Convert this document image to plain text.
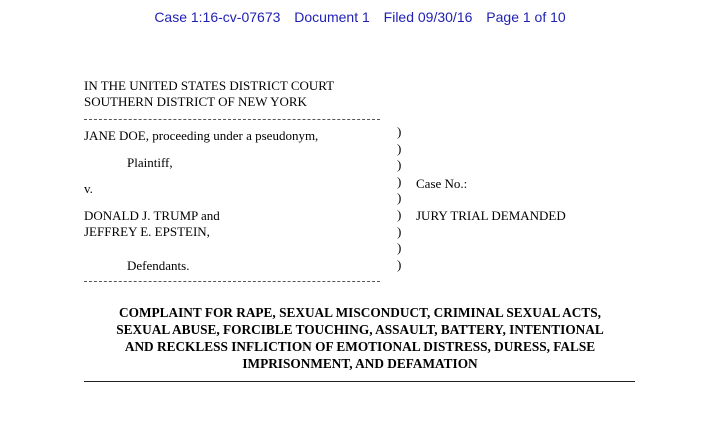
Case 1:16-cv-07673 Document 1 Filed 09/30/16 Page 1 of 10
IN THE UNITED STATES DISTRICT COURT
SOUTHERN DISTRICT OF NEW YORK
JANE DOE, proceeding under a pseudonym,
Plaintiff,
v.
DONALD J. TRUMP and
JEFFREY E. EPSTEIN,
Defendants.
)
)
)
)
)
)
)
)
)
Case No.:
JURY TRIAL DEMANDED
COMPLAINT FOR RAPE, SEXUAL MISCONDUCT, CRIMINAL SEXUAL ACTS,
SEXUAL ABUSE, FORCIBLE TOUCHING, ASSAULT, BATTERY, INTENTIONAL
AND RECKLESS INFLICTION OF EMOTIONAL DISTRESS, DURESS, FALSE
IMPRISONMENT, AND DEFAMATION
